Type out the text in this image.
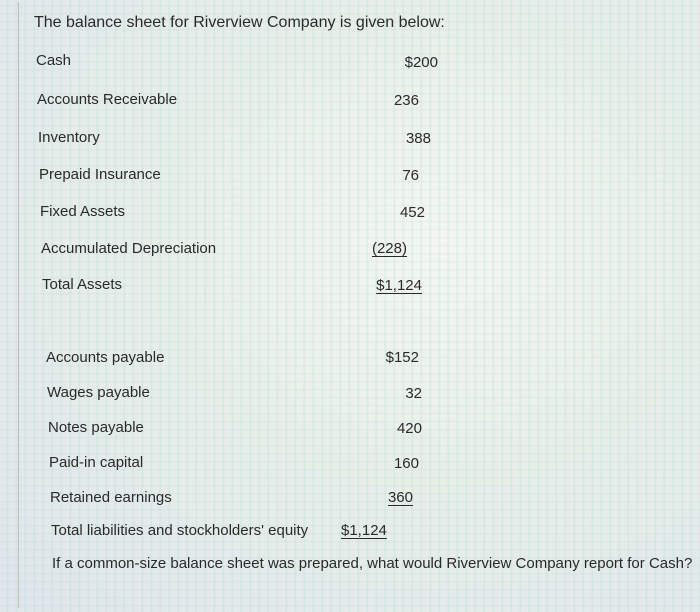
The balance sheet for Riverview Company is given below:
Cash	$200
Accounts Receivable	236
Inventory	388
Prepaid Insurance	76
Fixed Assets	452
Accumulated Depreciation	(228)
Total Assets	$1,124
Accounts payable	$152
Wages payable	32
Notes payable	420
Paid-in capital	160
Retained earnings	360
Total liabilities and stockholders' equity $1,124
If a common-size balance sheet was prepared, what would Riverview Company report for Cash?
